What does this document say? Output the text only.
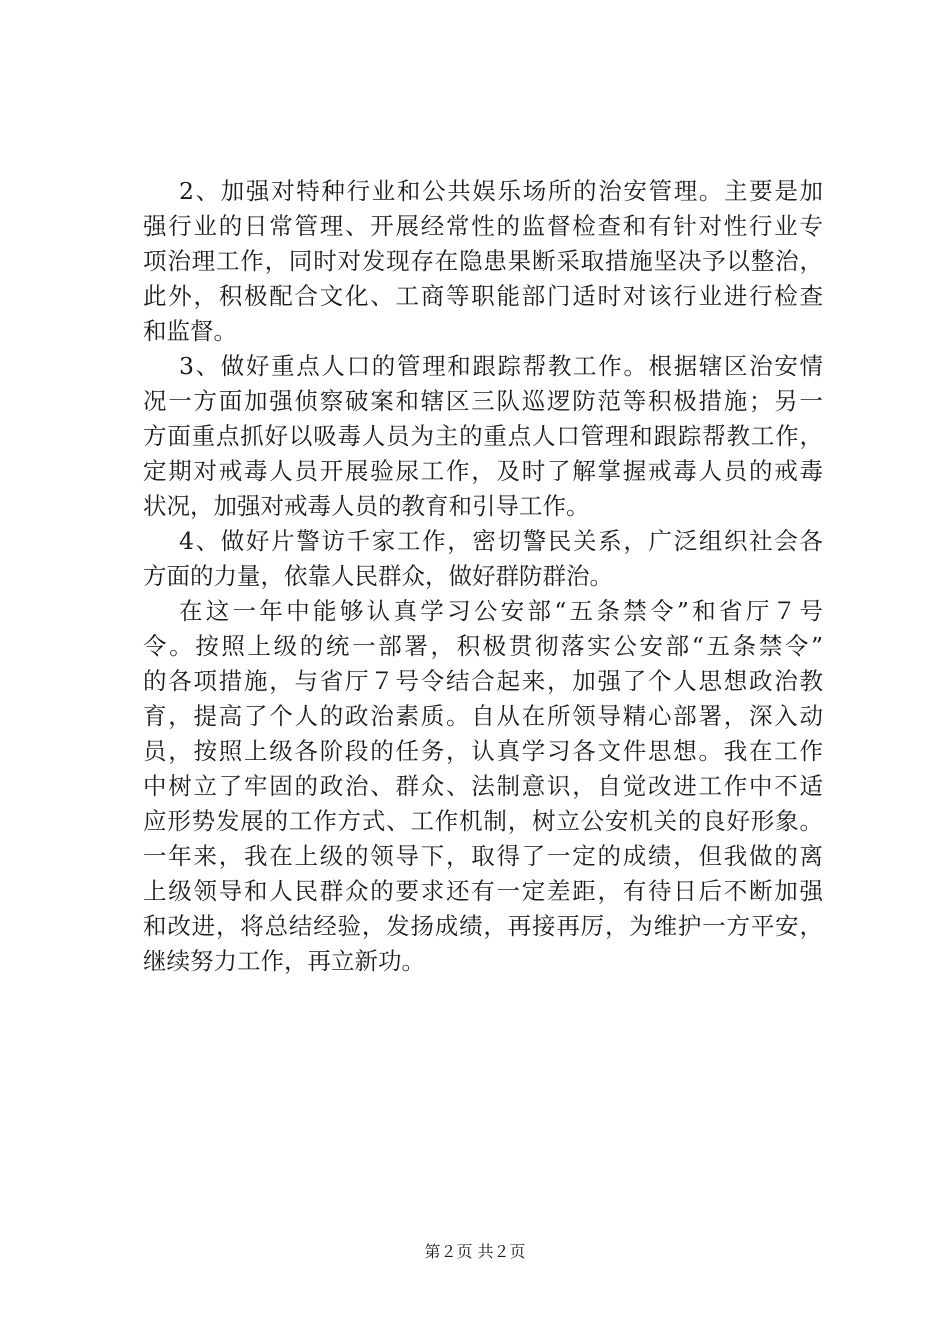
2、加强对特种行业和公共娱乐场所的治安管理。主要是加
强行业的日常管理、开展经常性的监督检查和有针对性行业专
项治理工作，同时对发现存在隐患果断采取措施坚决予以整治，
此外，积极配合文化、工商等职能部门适时对该行业进行检查
和监督。
3、做好重点人口的管理和跟踪帮教工作。根据辖区治安情
况一方面加强侦察破案和辖区三队巡逻防范等积极措施；另一
方面重点抓好以吸毒人员为主的重点人口管理和跟踪帮教工作，
定期对戒毒人员开展验尿工作，及时了解掌握戒毒人员的戒毒
状况，加强对戒毒人员的教育和引导工作。
4、做好片警访千家工作，密切警民关系，广泛组织社会各
方面的力量，依靠人民群众，做好群防群治。
在这一年中能够认真学习公安部“五条禁令”和省厅７号
令。按照上级的统一部署，积极贯彻落实公安部“五条禁令”
的各项措施，与省厅７号令结合起来，加强了个人思想政治教
育，提高了个人的政治素质。自从在所领导精心部署，深入动
员，按照上级各阶段的任务，认真学习各文件思想。我在工作
中树立了牢固的政治、群众、法制意识，自觉改进工作中不适
应形势发展的工作方式、工作机制，树立公安机关的良好形象。
一年来，我在上级的领导下，取得了一定的成绩，但我做的离
上级领导和人民群众的要求还有一定差距，有待日后不断加强
和改进，将总结经验，发扬成绩，再接再厉，为维护一方平安，
继续努力工作，再立新功。
第２页 共２页
